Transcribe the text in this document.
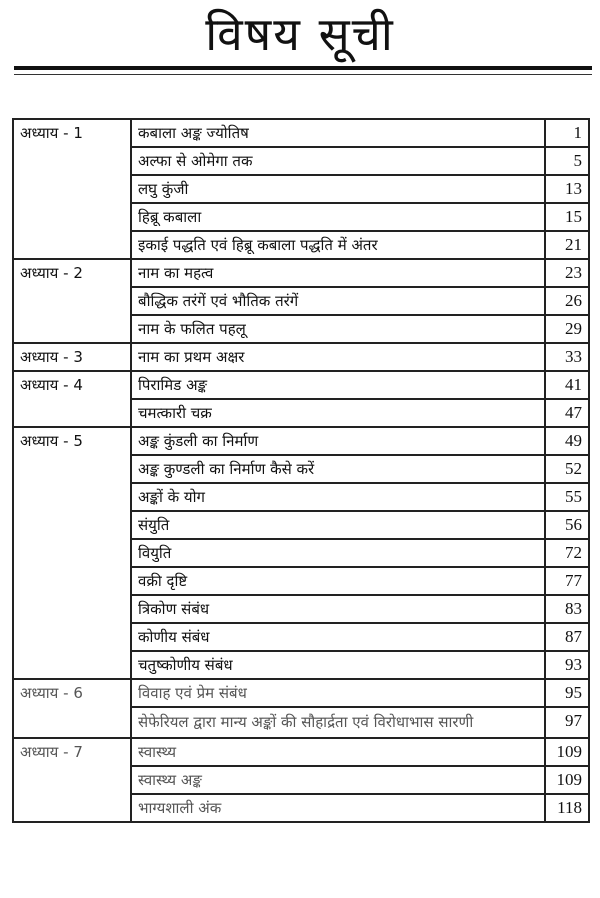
विषय सूची
अध्याय - 1	कबाला अङ्क ज्योतिष	1
	अल्फा से ओमेगा तक	5
	लघु कुंजी	13
	हिब्रू कबाला	15
	इकाई पद्धति एवं हिब्रू कबाला पद्धति में अंतर	21
अध्याय - 2	नाम का महत्व	23
	बौद्धिक तरंगें एवं भौतिक तरंगें	26
	नाम के फलित पहलू	29
अध्याय - 3	नाम का प्रथम अक्षर	33
अध्याय - 4	पिरामिड अङ्क	41
	चमत्कारी चक्र	47
अध्याय - 5	अङ्क कुंडली का निर्माण	49
	अङ्क कुण्डली का निर्माण कैसे करें	52
	अङ्कों के योग	55
	संयुति	56
	वियुति	72
	वक्री दृष्टि	77
	त्रिकोण संबंध	83
	कोणीय संबंध	87
	चतुष्कोणीय संबंध	93
अध्याय - 6	विवाह एवं प्रेम संबंध	95
	सेफेरियल द्वारा मान्य अङ्कों की सौहार्द्रता एवं विरोधाभास सारणी	97
अध्याय - 7	स्वास्थ्य	109
	स्वास्थ्य अङ्क	109
	भाग्यशाली अंक	118
